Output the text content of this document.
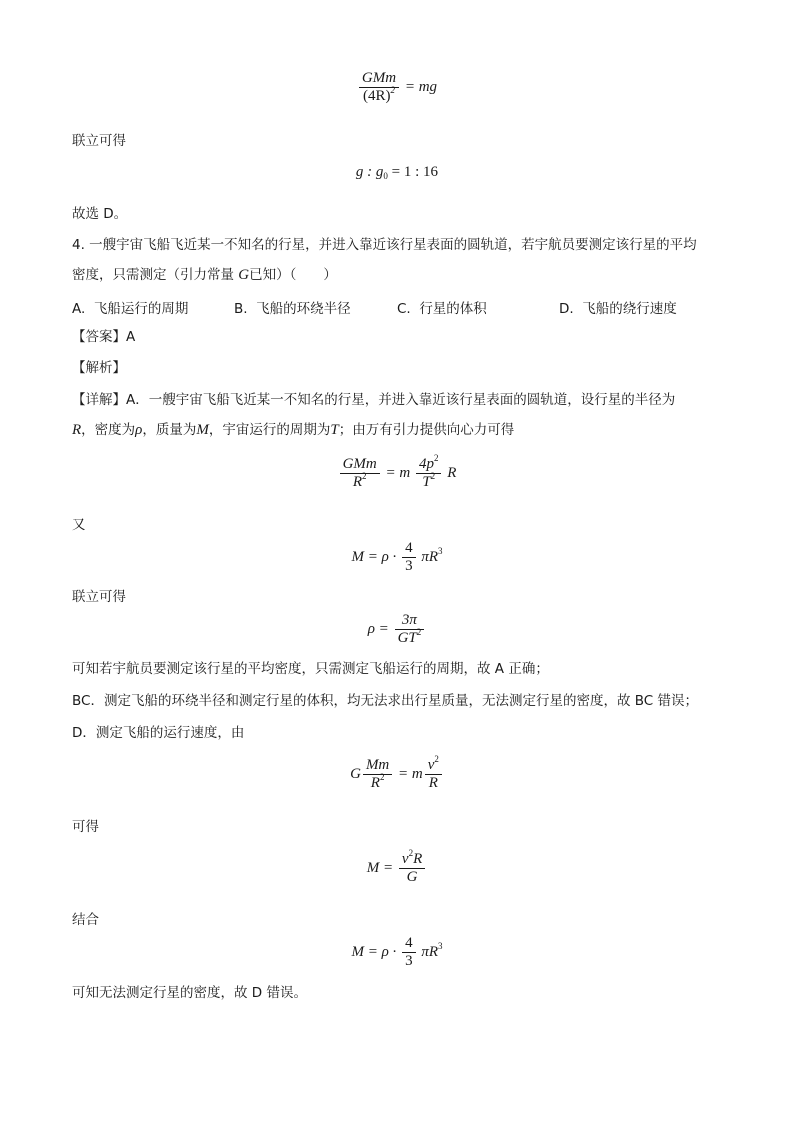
$\frac{\text{GMm}}{(4R)^2}$ = mg
联立可得
g : $g_0 = 1$ : 16
故选 D。
4. 一艘宇宙飞船飞近某一不知名的行星，并进入靠近该行星表面的圆轨道，若宇航员要测定该行星的平均
密度，只需测定（引力常量 G已知）（　　）
A. 飞船运行的周期	B. 飞船的环绕半径	C. 行星的体积	D. 飞船的绕行速度
【答案】A
【解析】
【详解】A．一艘宇宙飞船飞近某一不知名的行星，并进入靠近该行星表面的圆轨道，设行星的半径为
R，密度为ρ，质量为M，宇宙运行的周期为T；由万有引力提供向心力可得
$\frac{\text{GMm}}{R^2} = m \frac{4p^2}{T^2}$ R
又
$M = \rho \cdot \frac{4}{3} \pi R^3$
联立可得
$\rho = \frac{3\pi}{GT^2}$
可知若宇航员要测定该行星的平均密度，只需测定飞船运行的周期，故 A 正确；
BC．测定飞船的环绕半径和测定行星的体积，均无法求出行星质量，无法测定行星的密度，故 BC 错误；
D．测定飞船的运行速度，由
G $\frac{Mm}{R^2} = m \frac{v^2}{R}$
可得
$M = \frac{v^2R}{G}$
结合
$M = \rho \cdot \frac{4}{3} \pi R^3$
可知无法测定行星的密度，故 D 错误。
